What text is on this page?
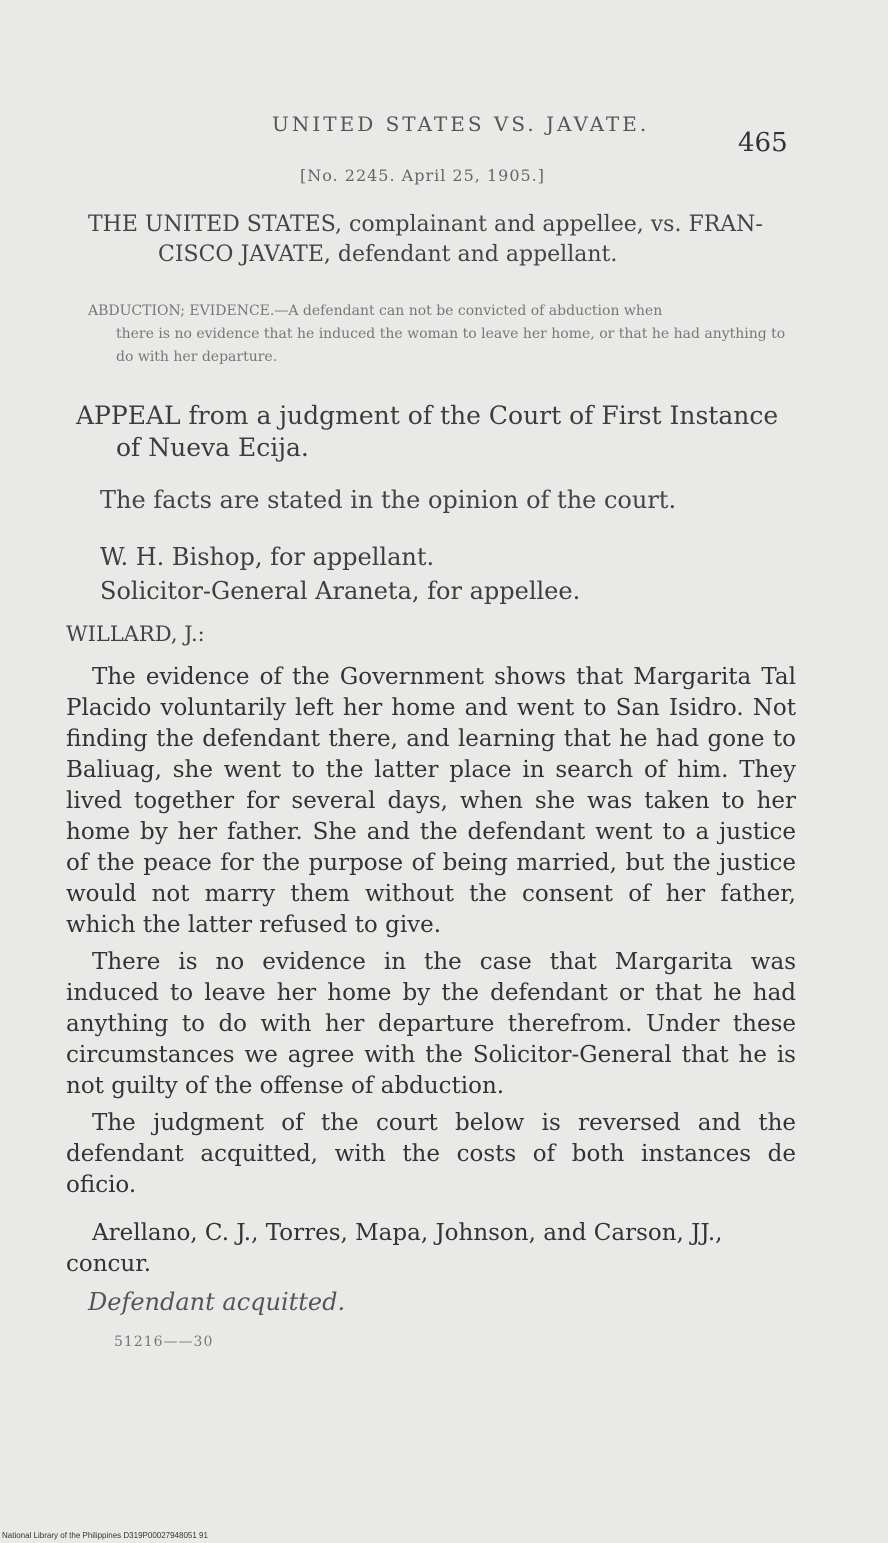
UNITED STATES VS. JAVATE.
465
[No. 2245. April 25, 1905.]
THE UNITED STATES, complainant and appellee, vs. FRAN-
CISCO JAVATE, defendant and appellant.
ABDUCTION; EVIDENCE.—A defendant can not be convicted of abduction when
there is no evidence that he induced the woman to leave her home, or that he had anything to do with her departure.
APPEAL from a judgment of the Court of First Instance
of Nueva Ecija.
The facts are stated in the opinion of the court.
W. H. Bishop, for appellant.
Solicitor-General Araneta, for appellee.
WILLARD, J.:

The evidence of the Government shows that Margarita Tal Placido voluntarily left her home and went to San Isidro. Not finding the defendant there, and learning that he had gone to Baliuag, she went to the latter place in search of him. They lived together for several days, when she was taken to her home by her father. She and the defendant went to a justice of the peace for the purpose of being married, but the justice would not marry them without the consent of her father, which the latter refused to give.

There is no evidence in the case that Margarita was induced to leave her home by the defendant or that he had anything to do with her departure therefrom. Under these circumstances we agree with the Solicitor-General that he is not guilty of the offense of abduction.

The judgment of the court below is reversed and the defendant acquitted, with the costs of both instances de oficio.

Arellano, C. J., Torres, Mapa, Johnson, and Carson, JJ., concur.
Defendant acquitted.
51216——30
National Library of the Philippines D319P00027948051 91
